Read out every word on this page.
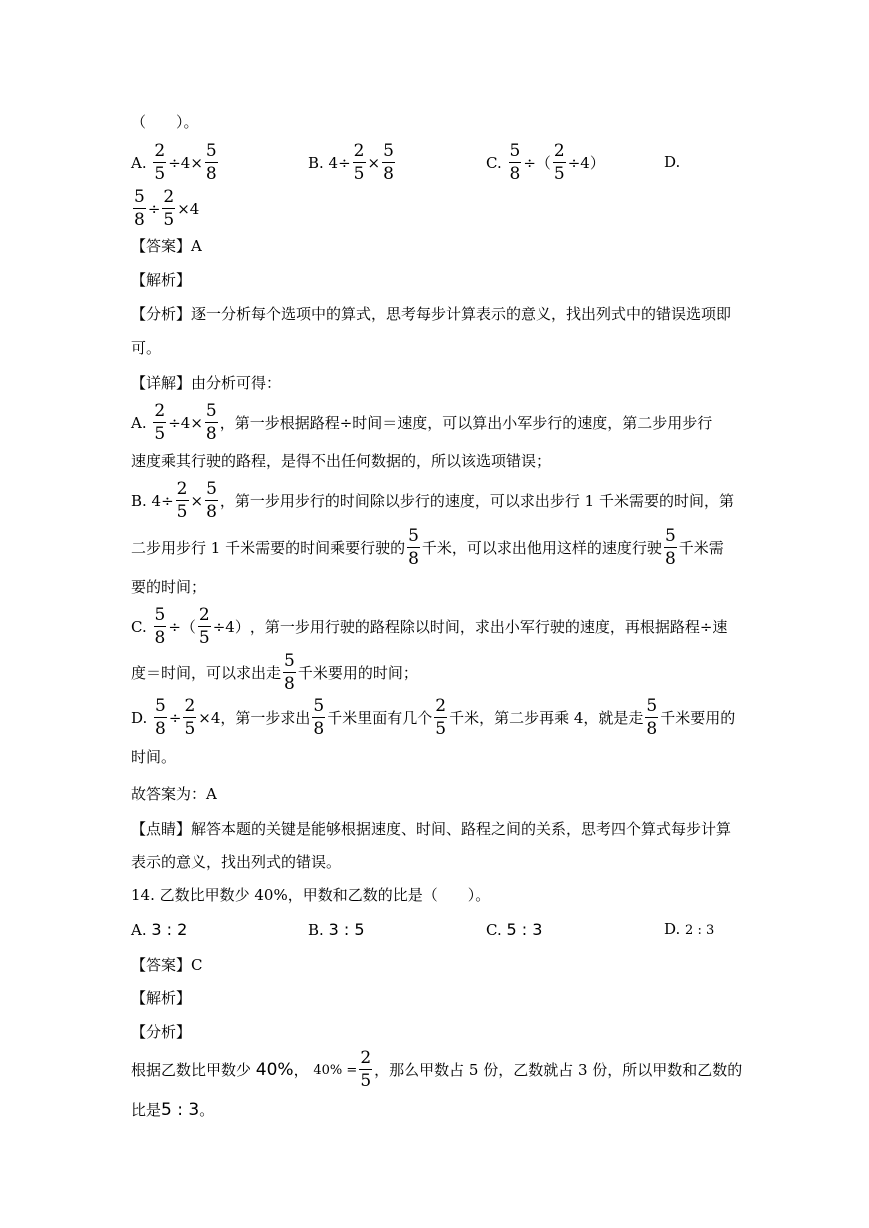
（　　）。
A. $\frac{2}{5} \div 4\times \frac{5}{8}$	B. $4\div \frac{2}{5} \times \frac{5}{8}$	C. $\frac{5}{8}$ ÷（ $\frac{2}{5} \div 4$）	D.
$\frac{5}{8} \div \frac{2}{5} \times 4$
【答案】A
【解析】
【分析】逐一分析每个选项中的算式，思考每步计算表示的意义，找出列式中的错误选项即
可。
【详解】由分析可得：
A. $\frac{2}{5} \div 4\times \frac{5}{8}$ ，第一步根据路程÷时间＝速度，可以算出小军步行的速度，第二步用步行
速度乘其行驶的路程，是得不出任何数据的，所以该选项错误；
B. $4\div \frac{2}{5} \times \frac{5}{8}$ ，第一步用步行的时间除以步行的速度，可以求出步行 1 千米需要的时间，第
二步用步行 1 千米需要的时间乘要行驶的 $\frac{5}{8}$ 千米，可以求出他用这样的速度行驶 $\frac{5}{8}$ 千米需
要的时间；
C. $\frac{5}{8}$ ÷（ $\frac{2}{5} \div 4$），第一步用行驶的路程除以时间，求出小军行驶的速度，再根据路程÷速
度＝时间，可以求出走 $\frac{5}{8}$ 千米要用的时间；
D. $\frac{5}{8} \div \frac{2}{5} \times 4$，第一步求出 $\frac{5}{8}$ 千米里面有几个 $\frac{2}{5}$ 千米，第二步再乘 4，就是走 $\frac{5}{8}$ 千米要用的
时间。
故答案为：A
【点睛】解答本题的关键是能够根据速度、时间、路程之间的关系，思考四个算式每步计算
表示的意义，找出列式的错误。
14. 乙数比甲数少 40%，甲数和乙数的比是（　　）。
A. 3 : 2	B. 3 : 5	C. 5 : 3	D. 2 : 3
【答案】C
【解析】
【分析】
根据乙数比甲数少 40%， $40\% = \frac{2}{5}$ ，那么甲数占 5 份，乙数就占 3 份，所以甲数和乙数的
比是5 : 3。
